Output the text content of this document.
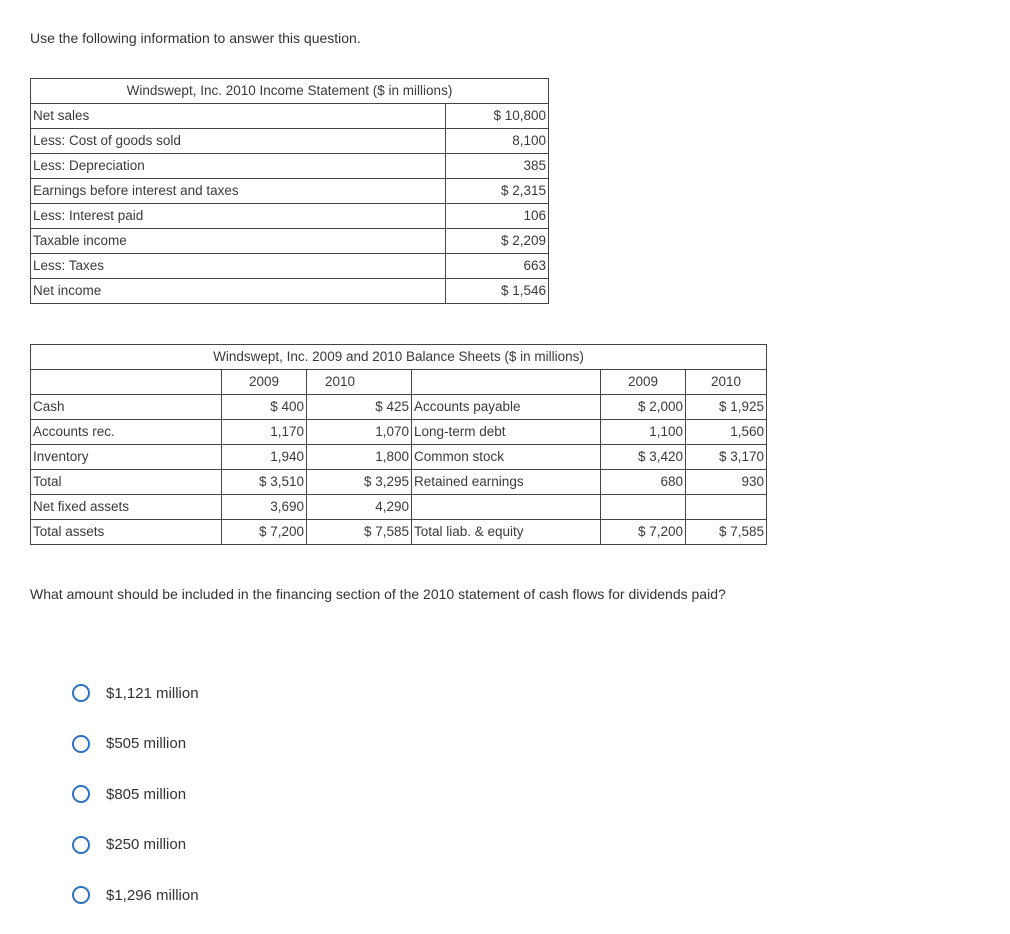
Use the following information to answer this question.
Windswept, Inc. 2010 Income Statement ($ in millions)	
Net sales	$ 10,800
Less: Cost of goods sold	8,100
Less: Depreciation	385
Earnings before interest and taxes	$ 2,315
Less: Interest paid	106
Taxable income	$ 2,209
Less: Taxes	663
Net income	$ 1,546
Windswept, Inc. 2009 and 2010 Balance Sheets ($ in millions)					
	2009	2010		2009	2010
Cash	$ 400	$ 425	Accounts payable	$ 2,000	$ 1,925
Accounts rec.	1,170	1,070	Long-term debt	1,100	1,560
Inventory	1,940	1,800	Common stock	$ 3,420	$ 3,170
Total	$ 3,510	$ 3,295	Retained earnings	680	930
Net fixed assets	3,690	4,290			
Total assets	$ 7,200	$ 7,585	Total liab. & equity	$ 7,200	$ 7,585
What amount should be included in the financing section of the 2010 statement of cash flows for dividends paid?
$1,121 million
$505 million
$805 million
$250 million
$1,296 million
